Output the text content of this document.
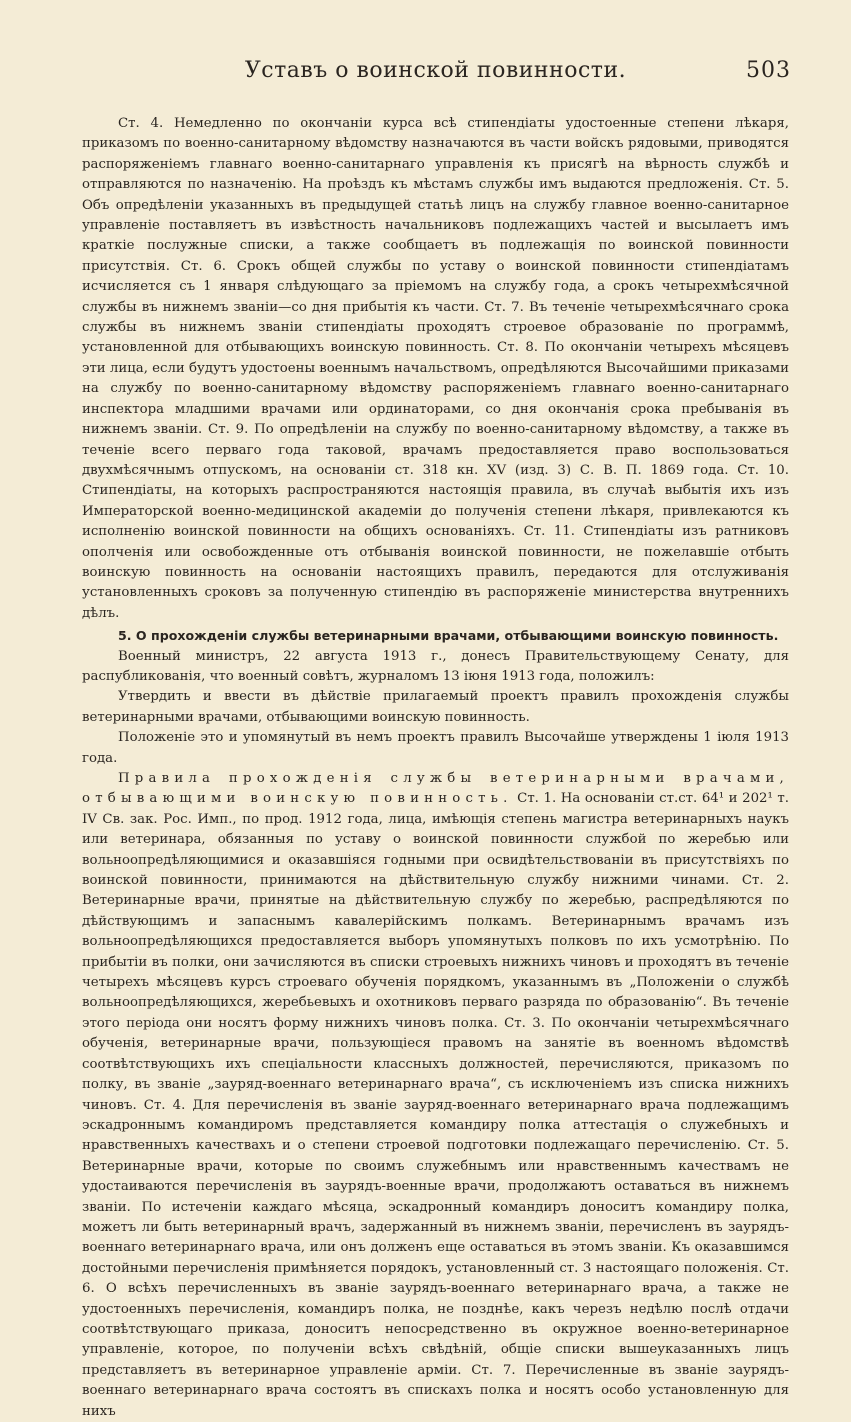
Уставъ о воинской повинности.	503

Ст. 4. Немедленно по окончанiи курса всѣ стипендiаты удостоенные степени лѣкаря, приказомъ по военно-санитарному вѣдомству назначаются въ части войскъ рядовыми, приводятся распоряженiемъ главнаго военно-санитарнаго управленiя къ присягѣ на вѣрность службѣ и отправляются по назначенiю. На проѣздъ къ мѣстамъ службы имъ выдаются предложенiя. Ст. 5. Объ опредѣленiи указанныхъ въ предыдущей статьѣ лицъ на службу главное военно-санитарное управленiе поставляетъ въ извѣстность начальниковъ подлежащихъ частей и высылаетъ имъ краткiе послужные списки, а также сообщаетъ въ подлежащiя по воинской повинности присутствiя. Ст. 6. Срокъ общей службы по уставу о воинской повинности стипендiатамъ исчисляется съ 1 января слѣдующаго за прiемомъ на службу года, а срокъ четырехмѣсячной службы въ нижнемъ званiи—со дня прибытiя къ части. Ст. 7. Въ теченiе четырехмѣсячнаго срока службы въ нижнемъ званiи стипендiаты проходятъ строевое образованiе по программѣ, установленной для отбывающихъ воинскую повинность. Ст. 8. По окончанiи четырехъ мѣсяцевъ эти лица, если будутъ удостоены военнымъ начальствомъ, опредѣляются Высочайшими приказами на службу по военно-санитарному вѣдомству распоряженiемъ главнаго военно-санитарнаго инспектора младшими врачами или ординаторами, со дня окончанiя срока пребыванiя въ нижнемъ званiи. Ст. 9. По опредѣленiи на службу по военно-санитарному вѣдомству, а также въ теченiе всего перваго года таковой, врачамъ предоставляется право воспользоваться двухмѣсячнымъ отпускомъ, на основанiи ст. 318 кн. XV (изд. 3) С. В. П. 1869 года. Ст. 10. Стипендiаты, на которыхъ распространяются настоящiя правила, въ случаѣ выбытiя ихъ изъ Императорской военно-медицинской академiи до полученiя степени лѣкаря, привлекаются къ исполненiю воинской повинности на общихъ основанiяхъ. Ст. 11. Стипендiаты изъ ратниковъ ополченiя или освобожденные отъ отбыванiя воинской повинности, не пожелавшiе отбыть воинскую повинность на основанiи настоящихъ правилъ, передаются для отслуживанiя установленныхъ сроковъ за полученную стипендiю въ распоряженiе министерства внутреннихъ дѣлъ.

5. О прохожденiи службы ветеринарными врачами, отбывающими воинскую повинность.

Военный министръ, 22 августа 1913 г., донесъ Правительствующему Сенату, для распубликованiя, что военный совѣтъ, журналомъ 13 iюня 1913 года, положилъ:

Утвердить и ввести въ дѣйствiе прилагаемый проектъ правилъ прохожденiя службы ветеринарными врачами, отбывающими воинскую повинность.

Положенiе это и упомянутый въ немъ проектъ правилъ Высочайше утверждены 1 iюля 1913 года.

Правила прохожденiя службы ветеринарными врачами, отбывающими воинскую повинность. Ст. 1. На основанiи ст.ст. 64¹ и 202¹ т. IV Св. зак. Рос. Имп., по прод. 1912 года, лица, имѣющiя степень магистра ветеринарныхъ наукъ или ветеринара, обязанныя по уставу о воинской повинности службой по жеребью или вольноопредѣляющимися и оказавшiяся годными при освидѣтельствованiи въ присутствiяхъ по воинской повинности, принимаются на дѣйствительную службу нижними чинами. Ст. 2. Ветеринарные врачи, принятые на дѣйствительную службу по жеребью, распредѣляются по дѣйствующимъ и запаснымъ кавалерiйскимъ полкамъ. Ветеринарнымъ врачамъ изъ вольноопредѣляющихся предоставляется выборъ упомянутыхъ полковъ по ихъ усмотрѣнiю. По прибытiи въ полки, они зачисляются въ списки строевыхъ нижнихъ чиновъ и проходятъ въ теченiе четырехъ мѣсяцевъ курсъ строеваго обученiя порядкомъ, указаннымъ въ „Положенiи о службѣ вольноопредѣляющихся, жеребьевыхъ и охотниковъ перваго разряда по образованiю“. Въ теченiе этого перiода они носятъ форму нижнихъ чиновъ полка. Ст. 3. По окончанiи четырехмѣсячнаго обученiя, ветеринарные врачи, пользующiеся правомъ на занятiе въ военномъ вѣдомствѣ соотвѣтствующихъ ихъ спецiальности классныхъ должностей, перечисляются, приказомъ по полку, въ званiе „зауряд-военнаго ветеринарнаго врача“, съ исключенiемъ изъ списка нижнихъ чиновъ. Ст. 4. Для перечисленiя въ званiе зауряд-военнаго ветеринарнаго врача подлежащимъ эскадроннымъ командиромъ представляется командиру полка аттестацiя о служебныхъ и нравственныхъ качествахъ и о степени строевой подготовки подлежащаго перечисленiю. Ст. 5. Ветеринарные врачи, которые по своимъ служебнымъ или нравственнымъ качествамъ не удостаиваются перечисленiя въ заурядъ-военные врачи, продолжаютъ оставаться въ нижнемъ званiи. По истеченiи каждаго мѣсяца, эскадронный командиръ доноситъ командиру полка, можетъ ли быть ветеринарный врачъ, задержанный въ нижнемъ званiи, перечисленъ въ заурядъ-военнаго ветеринарнаго врача, или онъ долженъ еще оставаться въ этомъ званiи. Къ оказавшимся достойными перечисленiя примѣняется порядокъ, установленный ст. 3 настоящаго положенiя. Ст. 6. О всѣхъ перечисленныхъ въ званiе заурядъ-военнаго ветеринарнаго врача, а также не удостоенныхъ перечисленiя, командиръ полка, не позднѣе, какъ черезъ недѣлю послѣ отдачи соотвѣтствующаго приказа, доноситъ непосредственно въ окружное военно-ветеринарное управленiе, которое, по полученiи всѣхъ свѣдѣнiй, общiе списки вышеуказанныхъ лицъ представляетъ въ ветеринарное управленiе армiи. Ст. 7. Перечисленные въ званiе заурядъ-военнаго ветеринарнаго врача состоятъ въ спискахъ полка и носятъ особо установленную для нихъ
